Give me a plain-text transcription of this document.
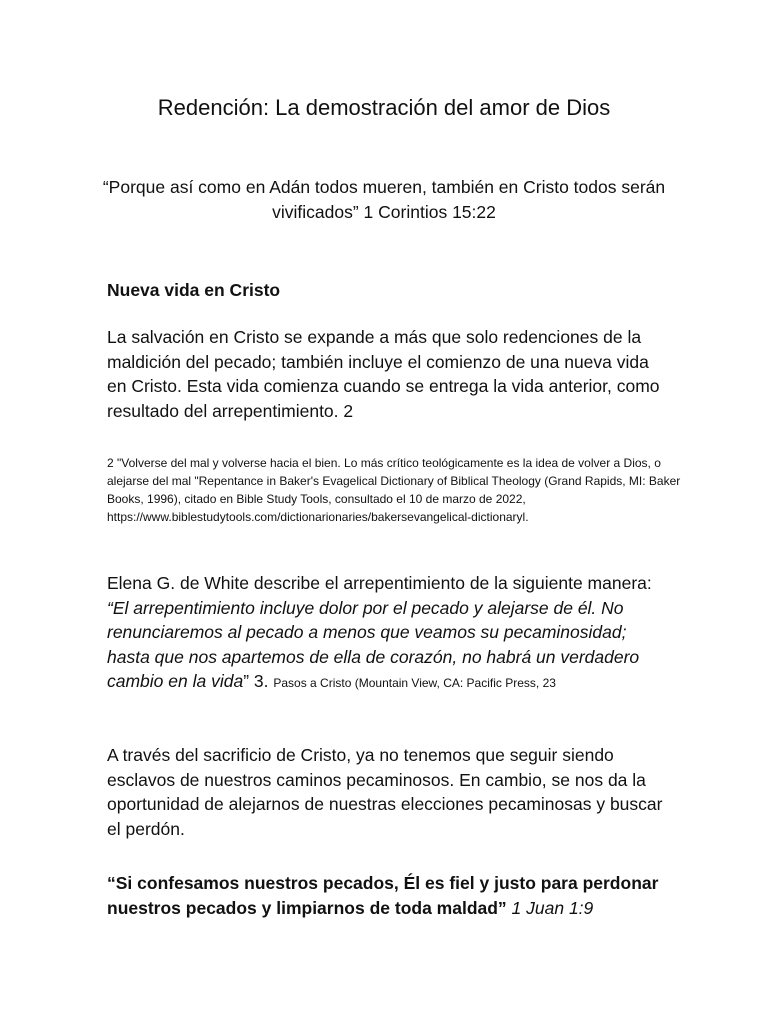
Redención: La demostración del amor de Dios

“Porque así como en Adán todos mueren, también en Cristo todos serán vivificados” 1 Corintios 15:22

Nueva vida en Cristo

La salvación en Cristo se expande a más que solo redenciones de la maldición del pecado; también incluye el comienzo de una nueva vida en Cristo. Esta vida comienza cuando se entrega la vida anterior, como resultado del arrepentimiento. 2

2 "Volverse del mal y volverse hacia el bien. Lo más crítico teológicamente es la idea de volver a Dios, o alejarse del mal "Repentance in Baker's Evagelical Dictionary of Biblical Theology (Grand Rapids, MI: Baker Books, 1996), citado en Bible Study Tools, consultado el 10 de marzo de 2022, https://www.biblestudytools.com/dictionarionaries/bakersevangelical-dictionaryl.

Elena G. de White describe el arrepentimiento de la siguiente manera: “El arrepentimiento incluye dolor por el pecado y alejarse de él. No renunciaremos al pecado a menos que veamos su pecaminosidad; hasta que nos apartemos de ella de corazón, no habrá un verdadero cambio en la vida” 3. Pasos a Cristo (Mountain View, CA: Pacific Press, 23

A través del sacrificio de Cristo, ya no tenemos que seguir siendo esclavos de nuestros caminos pecaminosos. En cambio, se nos da la oportunidad de alejarnos de nuestras elecciones pecaminosas y buscar el perdón.

“Si confesamos nuestros pecados, Él es fiel y justo para perdonar nuestros pecados y limpiarnos de toda maldad” 1 Juan 1:9
